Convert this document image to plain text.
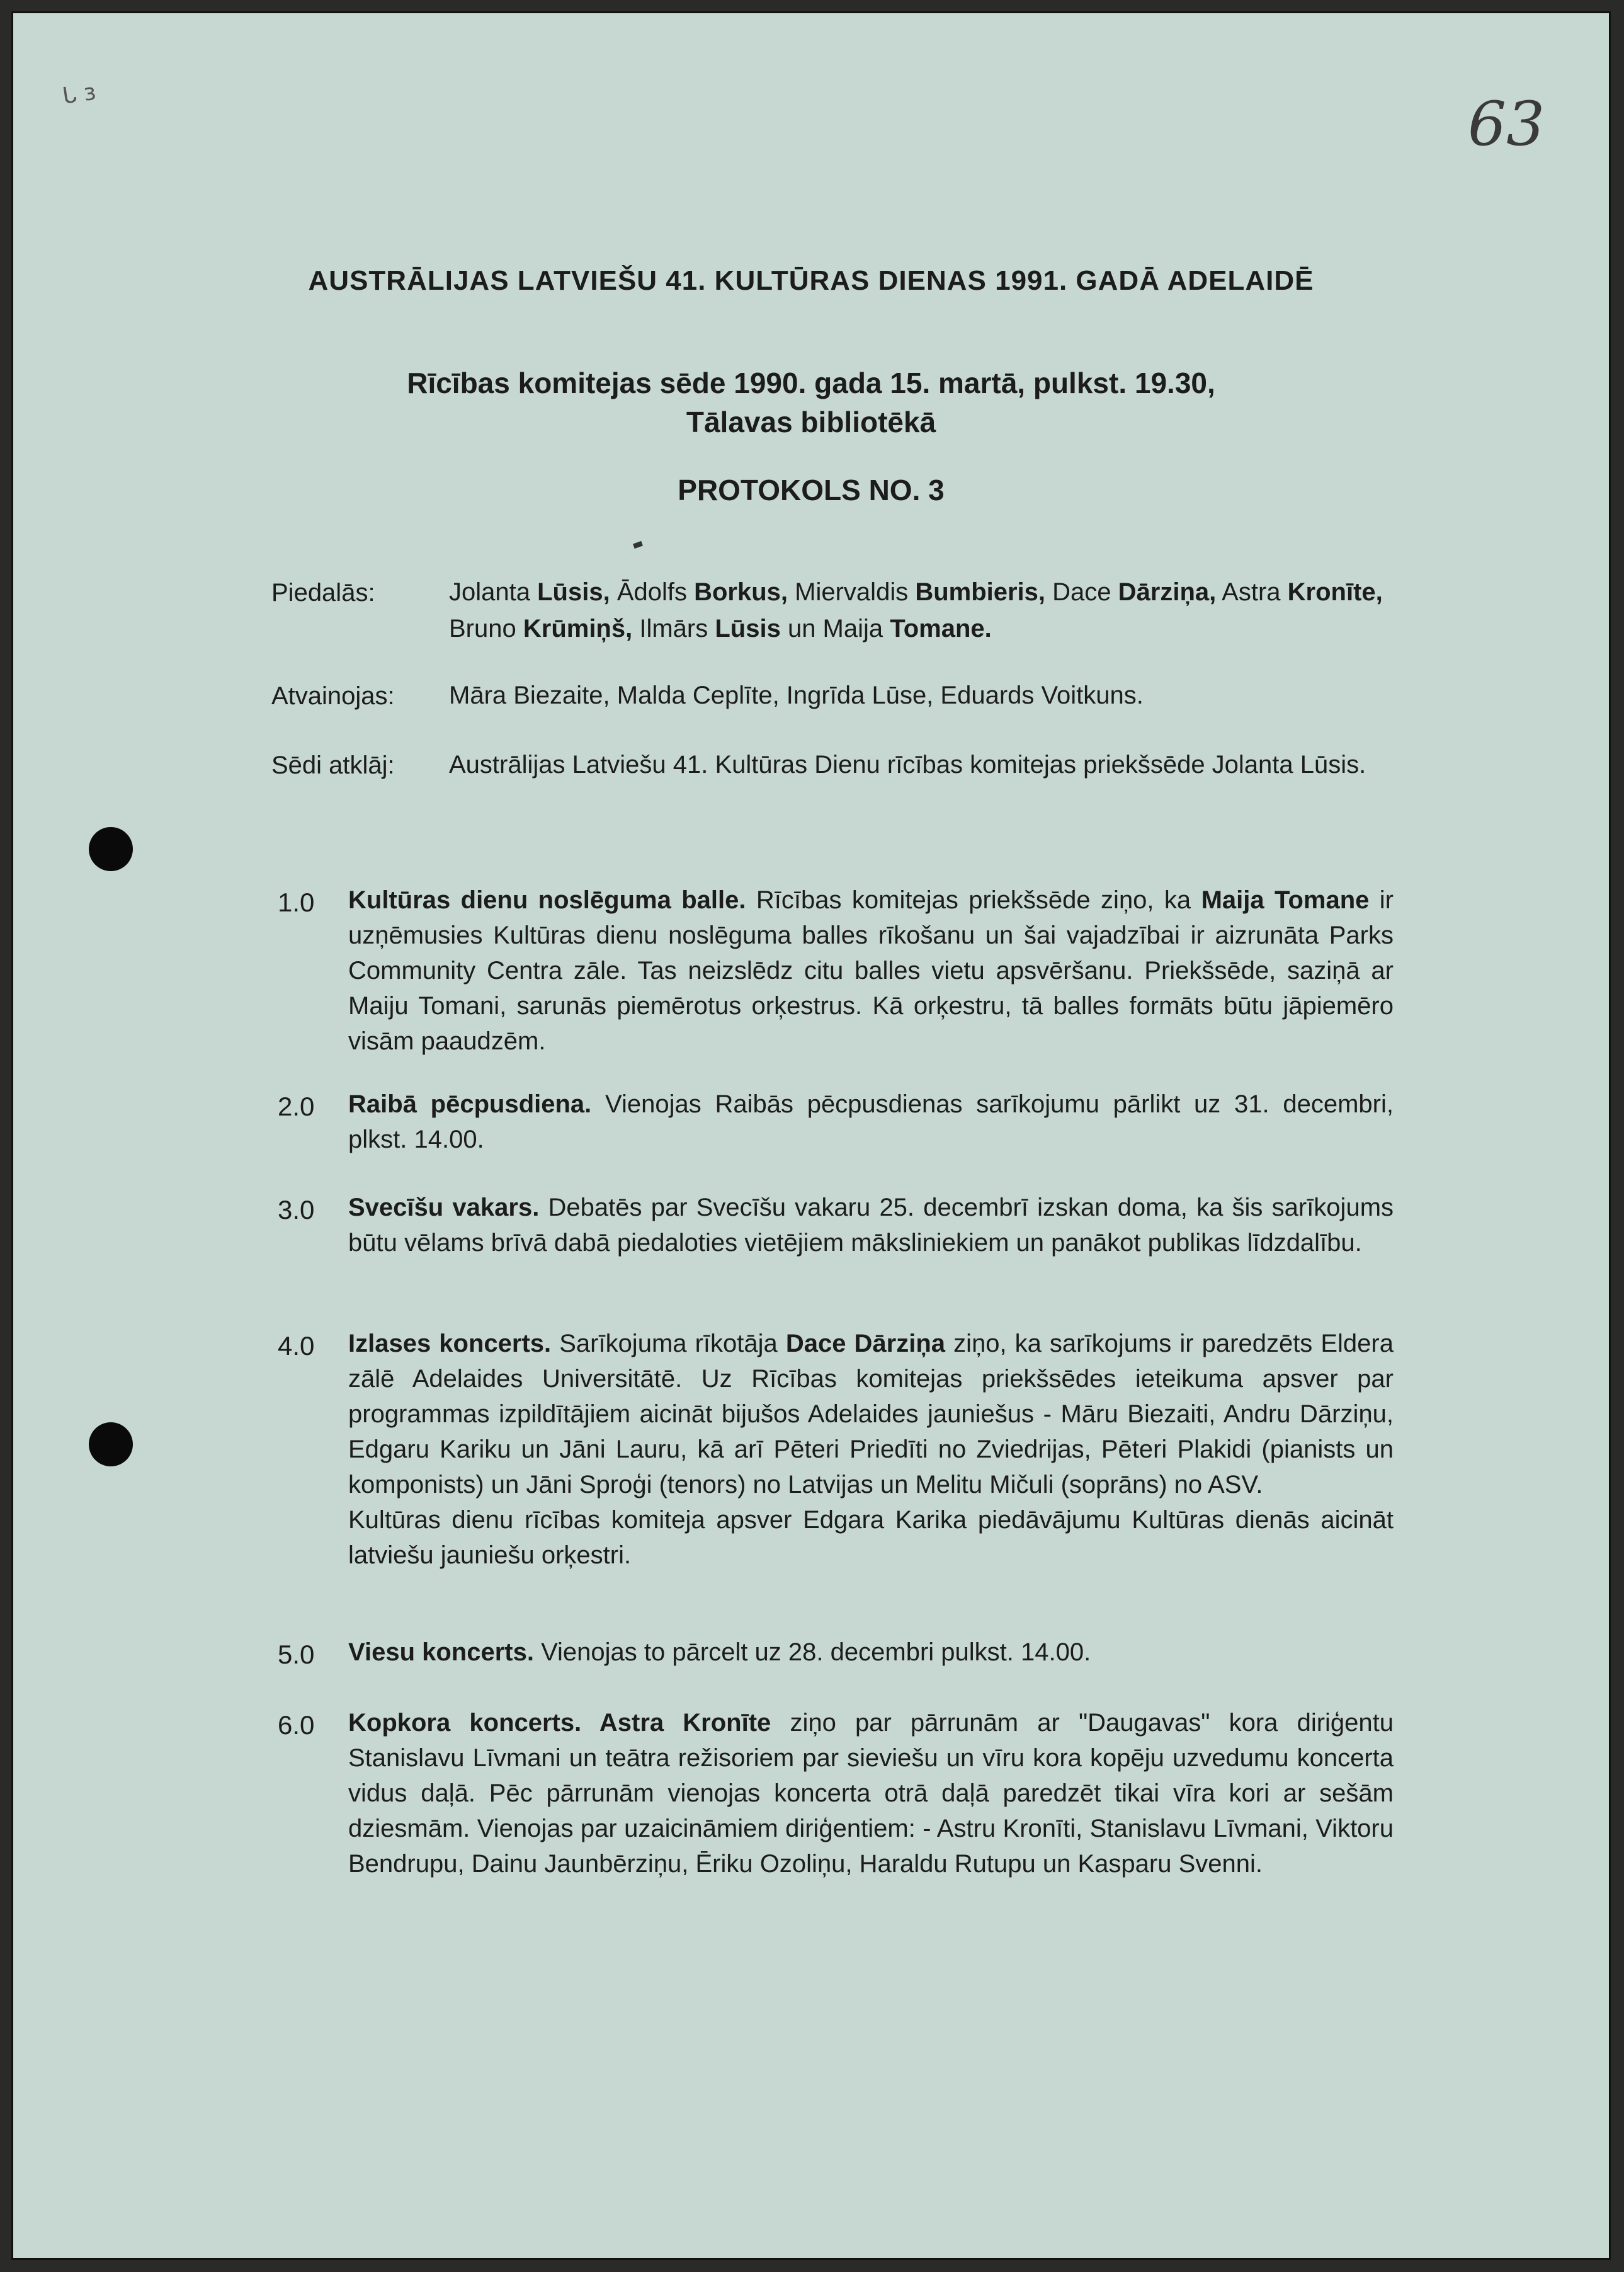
ᒐ ɜ	63
AUSTRĀLIJAS LATVIEŠU 41. KULTŪRAS DIENAS 1991. GADĀ ADELAIDĒ
Rīcības komitejas sēde 1990. gada 15. martā, pulkst. 19.30,
Tālavas bibliotēkā
PROTOKOLS NO. 3
Piedalās:	Jolanta Lūsis, Ādolfs Borkus, Miervaldis Bumbieris, Dace Dārziņa, Astra Kronīte, Bruno Krūmiņš, Ilmārs Lūsis un Maija Tomane.
Atvainojas: Māra Biezaite, Malda Ceplīte, Ingrīda Lūse, Eduards Voitkuns.
Sēdi atklāj: Austrālijas Latviešu 41. Kultūras Dienu rīcības komitejas priekšsēde Jolanta Lūsis.
1.0 Kultūras dienu noslēguma balle. Rīcības komitejas priekšsēde ziņo, ka Maija Tomane ir uzņēmusies Kultūras dienu noslēguma balles rīkošanu un šai vajadzībai ir aizrunāta Parks Community Centra zāle. Tas neizslēdz citu balles vietu apsvēršanu. Priekšsēde, saziņā ar Maiju Tomani, sarunās piemērotus orķestrus. Kā orķestru, tā balles formāts būtu jāpiemēro visām paaudzēm.
2.0 Raibā pēcpusdiena. Vienojas Raibās pēcpusdienas sarīkojumu pārlikt uz 31. decembri, plkst. 14.00.
3.0 Svecīšu vakars. Debatēs par Svecīšu vakaru 25. decembrī izskan doma, ka šis sarīkojums būtu vēlams brīvā dabā piedaloties vietējiem māksliniekiem un panākot publikas līdzdalību.
4.0 Izlases koncerts. Sarīkojuma rīkotāja Dace Dārziņa ziņo, ka sarīkojums ir paredzēts Eldera zālē Adelaides Universitātē. Uz Rīcības komitejas priekšsēdes ieteikuma apsver par programmas izpildītājiem aicināt bijušos Adelaides jauniešus - Māru Biezaiti, Andru Dārziņu, Edgaru Kariku un Jāni Lauru, kā arī Pēteri Priedīti no Zviedrijas, Pēteri Plakidi (pianists un komponists) un Jāni Sproģi (tenors) no Latvijas un Melitu Mičuli (soprāns) no ASV.
Kultūras dienu rīcības komiteja apsver Edgara Karika piedāvājumu Kultūras dienās aicināt latviešu jauniešu orķestri.
5.0 Viesu koncerts. Vienojas to pārcelt uz 28. decembri pulkst. 14.00.
6.0 Kopkora koncerts. Astra Kronīte ziņo par pārrunām ar "Daugavas" kora diriģentu Stanislavu Līvmani un teātra režisoriem par sieviešu un vīru kora kopēju uzvedumu koncerta vidus daļā. Pēc pārrunām vienojas koncerta otrā daļā paredzēt tikai vīra kori ar sešām dziesmām. Vienojas par uzaicināmiem diriģentiem: - Astru Kronīti, Stanislavu Līvmani, Viktoru Bendrupu, Dainu Jaunbērziņu, Ēriku Ozoliņu, Haraldu Rutupu un Kasparu Svenni.
